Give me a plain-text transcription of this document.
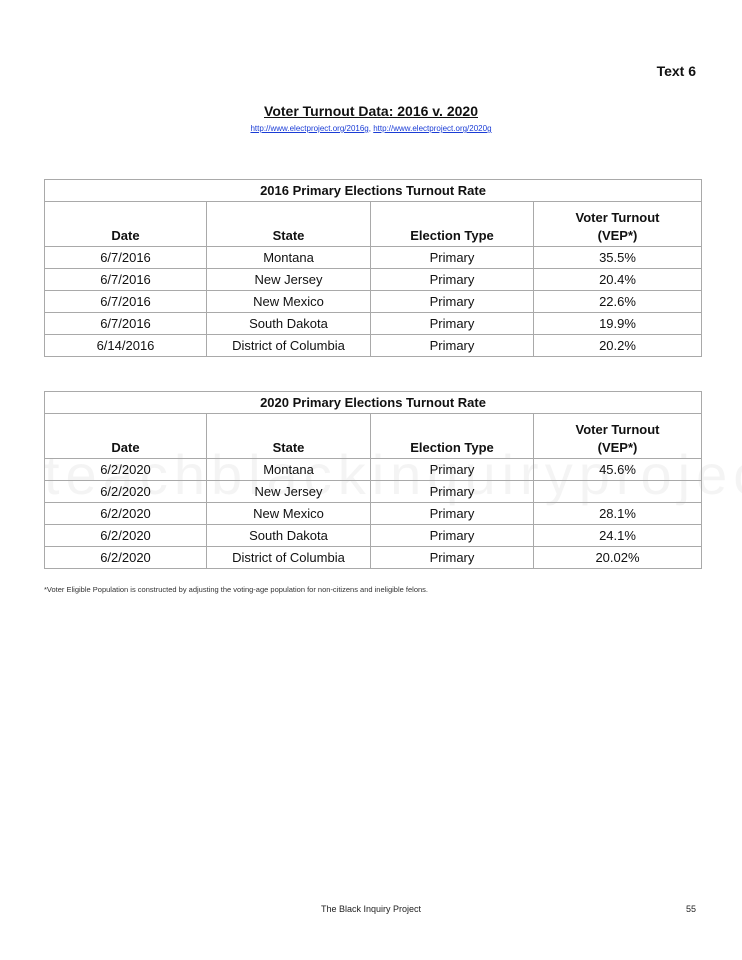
Text 6
Voter Turnout Data: 2016 v. 2020
http://www.electproject.org/2016g, http://www.electproject.org/2020g
2016 Primary Elections Turnout Rate			
Date	State	Election Type	Voter Turnout
(VEP*)
6/7/2016	Montana	Primary	35.5%
6/7/2016	New Jersey	Primary	20.4%
6/7/2016	New Mexico	Primary	22.6%
6/7/2016	South Dakota	Primary	19.9%
6/14/2016	District of Columbia	Primary	20.2%
2020 Primary Elections Turnout Rate			
Date	State	Election Type	Voter Turnout
(VEP*)
6/2/2020	Montana	Primary	45.6%
6/2/2020	New Jersey	Primary	
6/2/2020	New Mexico	Primary	28.1%
6/2/2020	South Dakota	Primary	24.1%
6/2/2020	District of Columbia	Primary	20.02%
*Voter Eligible Population is constructed by adjusting the voting-age population for non-citizens and ineligible felons.
The Black Inquiry Project	55
